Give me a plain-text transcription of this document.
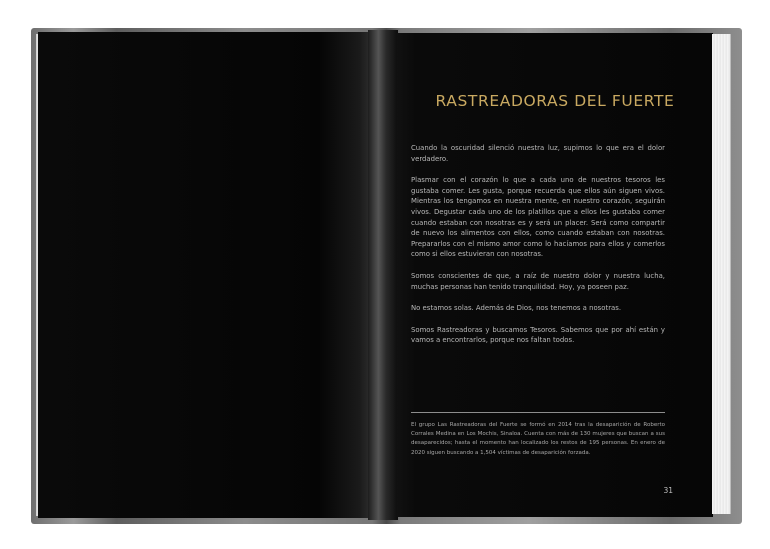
RASTREADORAS DEL FUERTE

Cuando la oscuridad silenció nuestra luz, supimos lo que era el dolor verdadero.

Plasmar con el corazón lo que a cada uno de nuestros tesoros les gustaba comer. Les gusta, porque recuerda que ellos aún siguen vivos. Mientras los tengamos en nuestra mente, en nuestro corazón, seguirán vivos. Degustar cada uno de los platillos que a ellos les gustaba comer cuando estaban con nosotras es y será un placer. Será como compartir de nuevo los alimentos con ellos, como cuando estaban con nosotras. Prepararlos con el mismo amor como lo hacíamos para ellos y comerlos como si ellos estuvieran con nosotras.

Somos conscientes de que, a raíz de nuestro dolor y nuestra lucha, muchas personas han tenido tranquilidad. Hoy, ya poseen paz.

No estamos solas. Además de Dios, nos tenemos a nosotras.

Somos Rastreadoras y buscamos Tesoros. Sabemos que por ahí están y vamos a encontrarlos, porque nos faltan todos.

El grupo Las Rastreadoras del Fuerte se formó en 2014 tras la desaparición de Roberto Corrales Medina en Los Mochis, Sinaloa. Cuenta con más de 130 mujeres que buscan a sus desaparecidos; hasta el momento han localizado los restos de 195 personas. En enero de 2020 siguen buscando a 1,504 víctimas de desaparición forzada.

31
